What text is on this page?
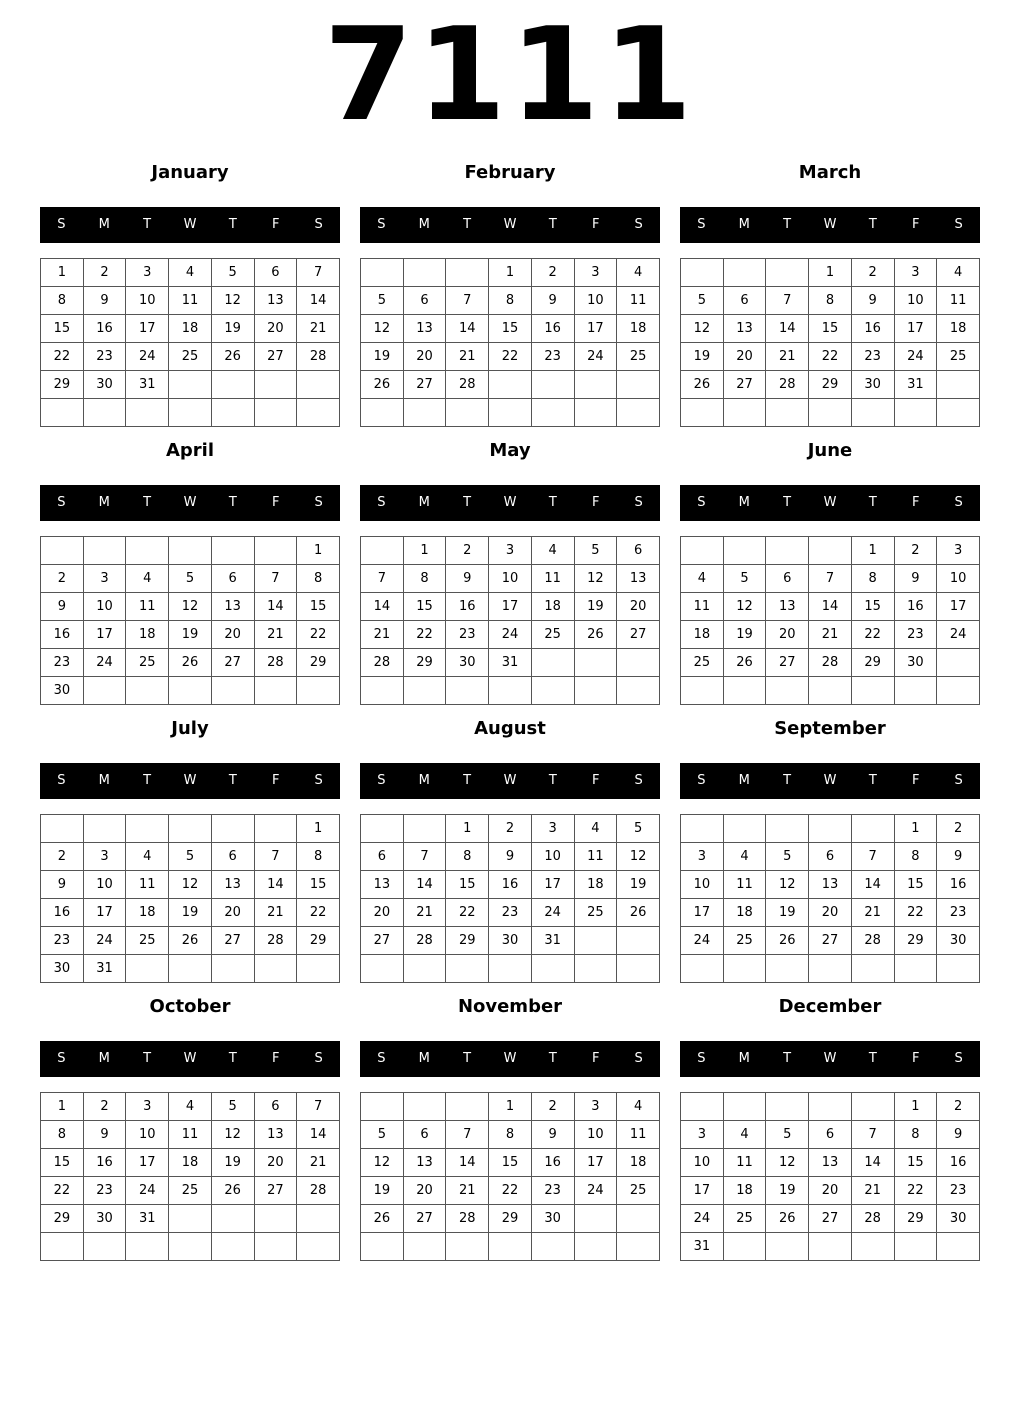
7111
January
S	M	T	W	T	F	S
1	2	3	4	5	6	7
8	9	10	11	12	13	14
15	16	17	18	19	20	21
22	23	24	25	26	27	28
29	30	31				

February
S	M	T	W	T	F	S
			1	2	3	4
5	6	7	8	9	10	11
12	13	14	15	16	17	18
19	20	21	22	23	24	25
26	27	28				

March
S	M	T	W	T	F	S
			1	2	3	4
5	6	7	8	9	10	11
12	13	14	15	16	17	18
19	20	21	22	23	24	25
26	27	28	29	30	31	

April
S	M	T	W	T	F	S
						1
2	3	4	5	6	7	8
9	10	11	12	13	14	15
16	17	18	19	20	21	22
23	24	25	26	27	28	29
30						
May
S	M	T	W	T	F	S
	1	2	3	4	5	6
7	8	9	10	11	12	13
14	15	16	17	18	19	20
21	22	23	24	25	26	27
28	29	30	31			

June
S	M	T	W	T	F	S
				1	2	3
4	5	6	7	8	9	10
11	12	13	14	15	16	17
18	19	20	21	22	23	24
25	26	27	28	29	30	

July
S	M	T	W	T	F	S
						1
2	3	4	5	6	7	8
9	10	11	12	13	14	15
16	17	18	19	20	21	22
23	24	25	26	27	28	29
30	31					
August
S	M	T	W	T	F	S
		1	2	3	4	5
6	7	8	9	10	11	12
13	14	15	16	17	18	19
20	21	22	23	24	25	26
27	28	29	30	31		

September
S	M	T	W	T	F	S
					1	2
3	4	5	6	7	8	9
10	11	12	13	14	15	16
17	18	19	20	21	22	23
24	25	26	27	28	29	30

October
S	M	T	W	T	F	S
1	2	3	4	5	6	7
8	9	10	11	12	13	14
15	16	17	18	19	20	21
22	23	24	25	26	27	28
29	30	31				

November
S	M	T	W	T	F	S
			1	2	3	4
5	6	7	8	9	10	11
12	13	14	15	16	17	18
19	20	21	22	23	24	25
26	27	28	29	30		

December
S	M	T	W	T	F	S
					1	2
3	4	5	6	7	8	9
10	11	12	13	14	15	16
17	18	19	20	21	22	23
24	25	26	27	28	29	30
31						
